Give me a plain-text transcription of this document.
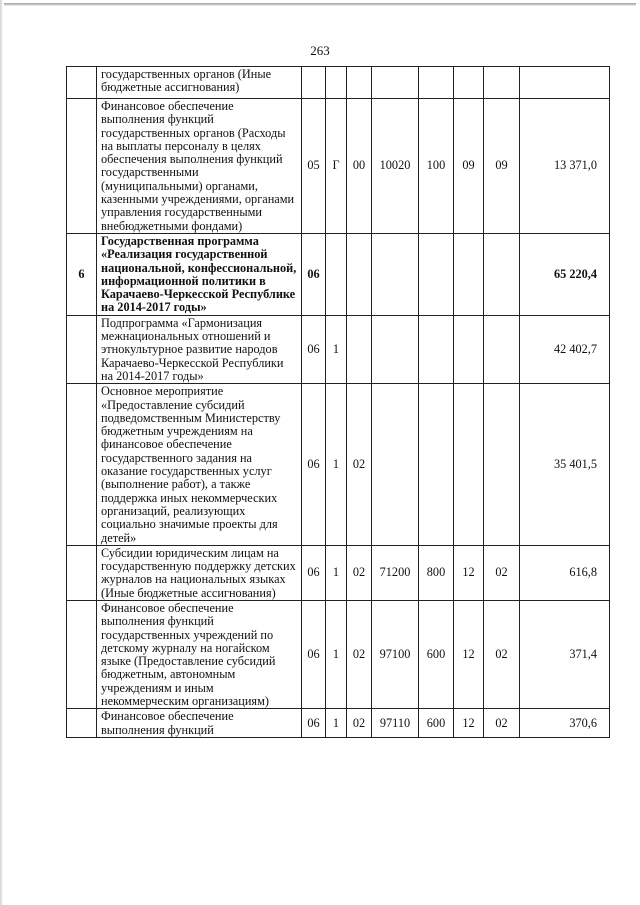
263
	государственных органов (Иные бюджетные ассигнования)								
	Финансовое обеспечение выполнения функций государственных органов (Расходы на выплаты персоналу в целях обеспечения выполнения функций государственными (муниципальными) органами, казенными учреждениями, органами управления государственными внебюджетными фондами)	05	Г	00	10020	100	09	09	13 371,0
6	Государственная программа «Реализация государственной национальной, конфессиональной, информационной политики в Карачаево-Черкесской Республике на 2014-2017 годы»	06							65 220,4
	Подпрограмма «Гармонизация межнациональных отношений и этнокультурное развитие народов Карачаево-Черкесской Республики на 2014-2017 годы»	06	1						42 402,7
	Основное мероприятие «Предоставление субсидий подведомственным Министерству бюджетным учреждениям на финансовое обеспечение государственного задания на оказание государственных услуг (выполнение работ), а также поддержка иных некоммерческих организаций, реализующих социально значимые проекты для детей»	06	1	02					35 401,5
	Субсидии юридическим лицам на государственную поддержку детских журналов на национальных языках (Иные бюджетные ассигнования)	06	1	02	71200	800	12	02	616,8
	Финансовое обеспечение выполнения функций государственных учреждений по детскому журналу на ногайском языке (Предоставление субсидий бюджетным, автономным учреждениям и иным некоммерческим организациям)	06	1	02	97100	600	12	02	371,4
	Финансовое обеспечение выполнения функций	06	1	02	97110	600	12	02	370,6
